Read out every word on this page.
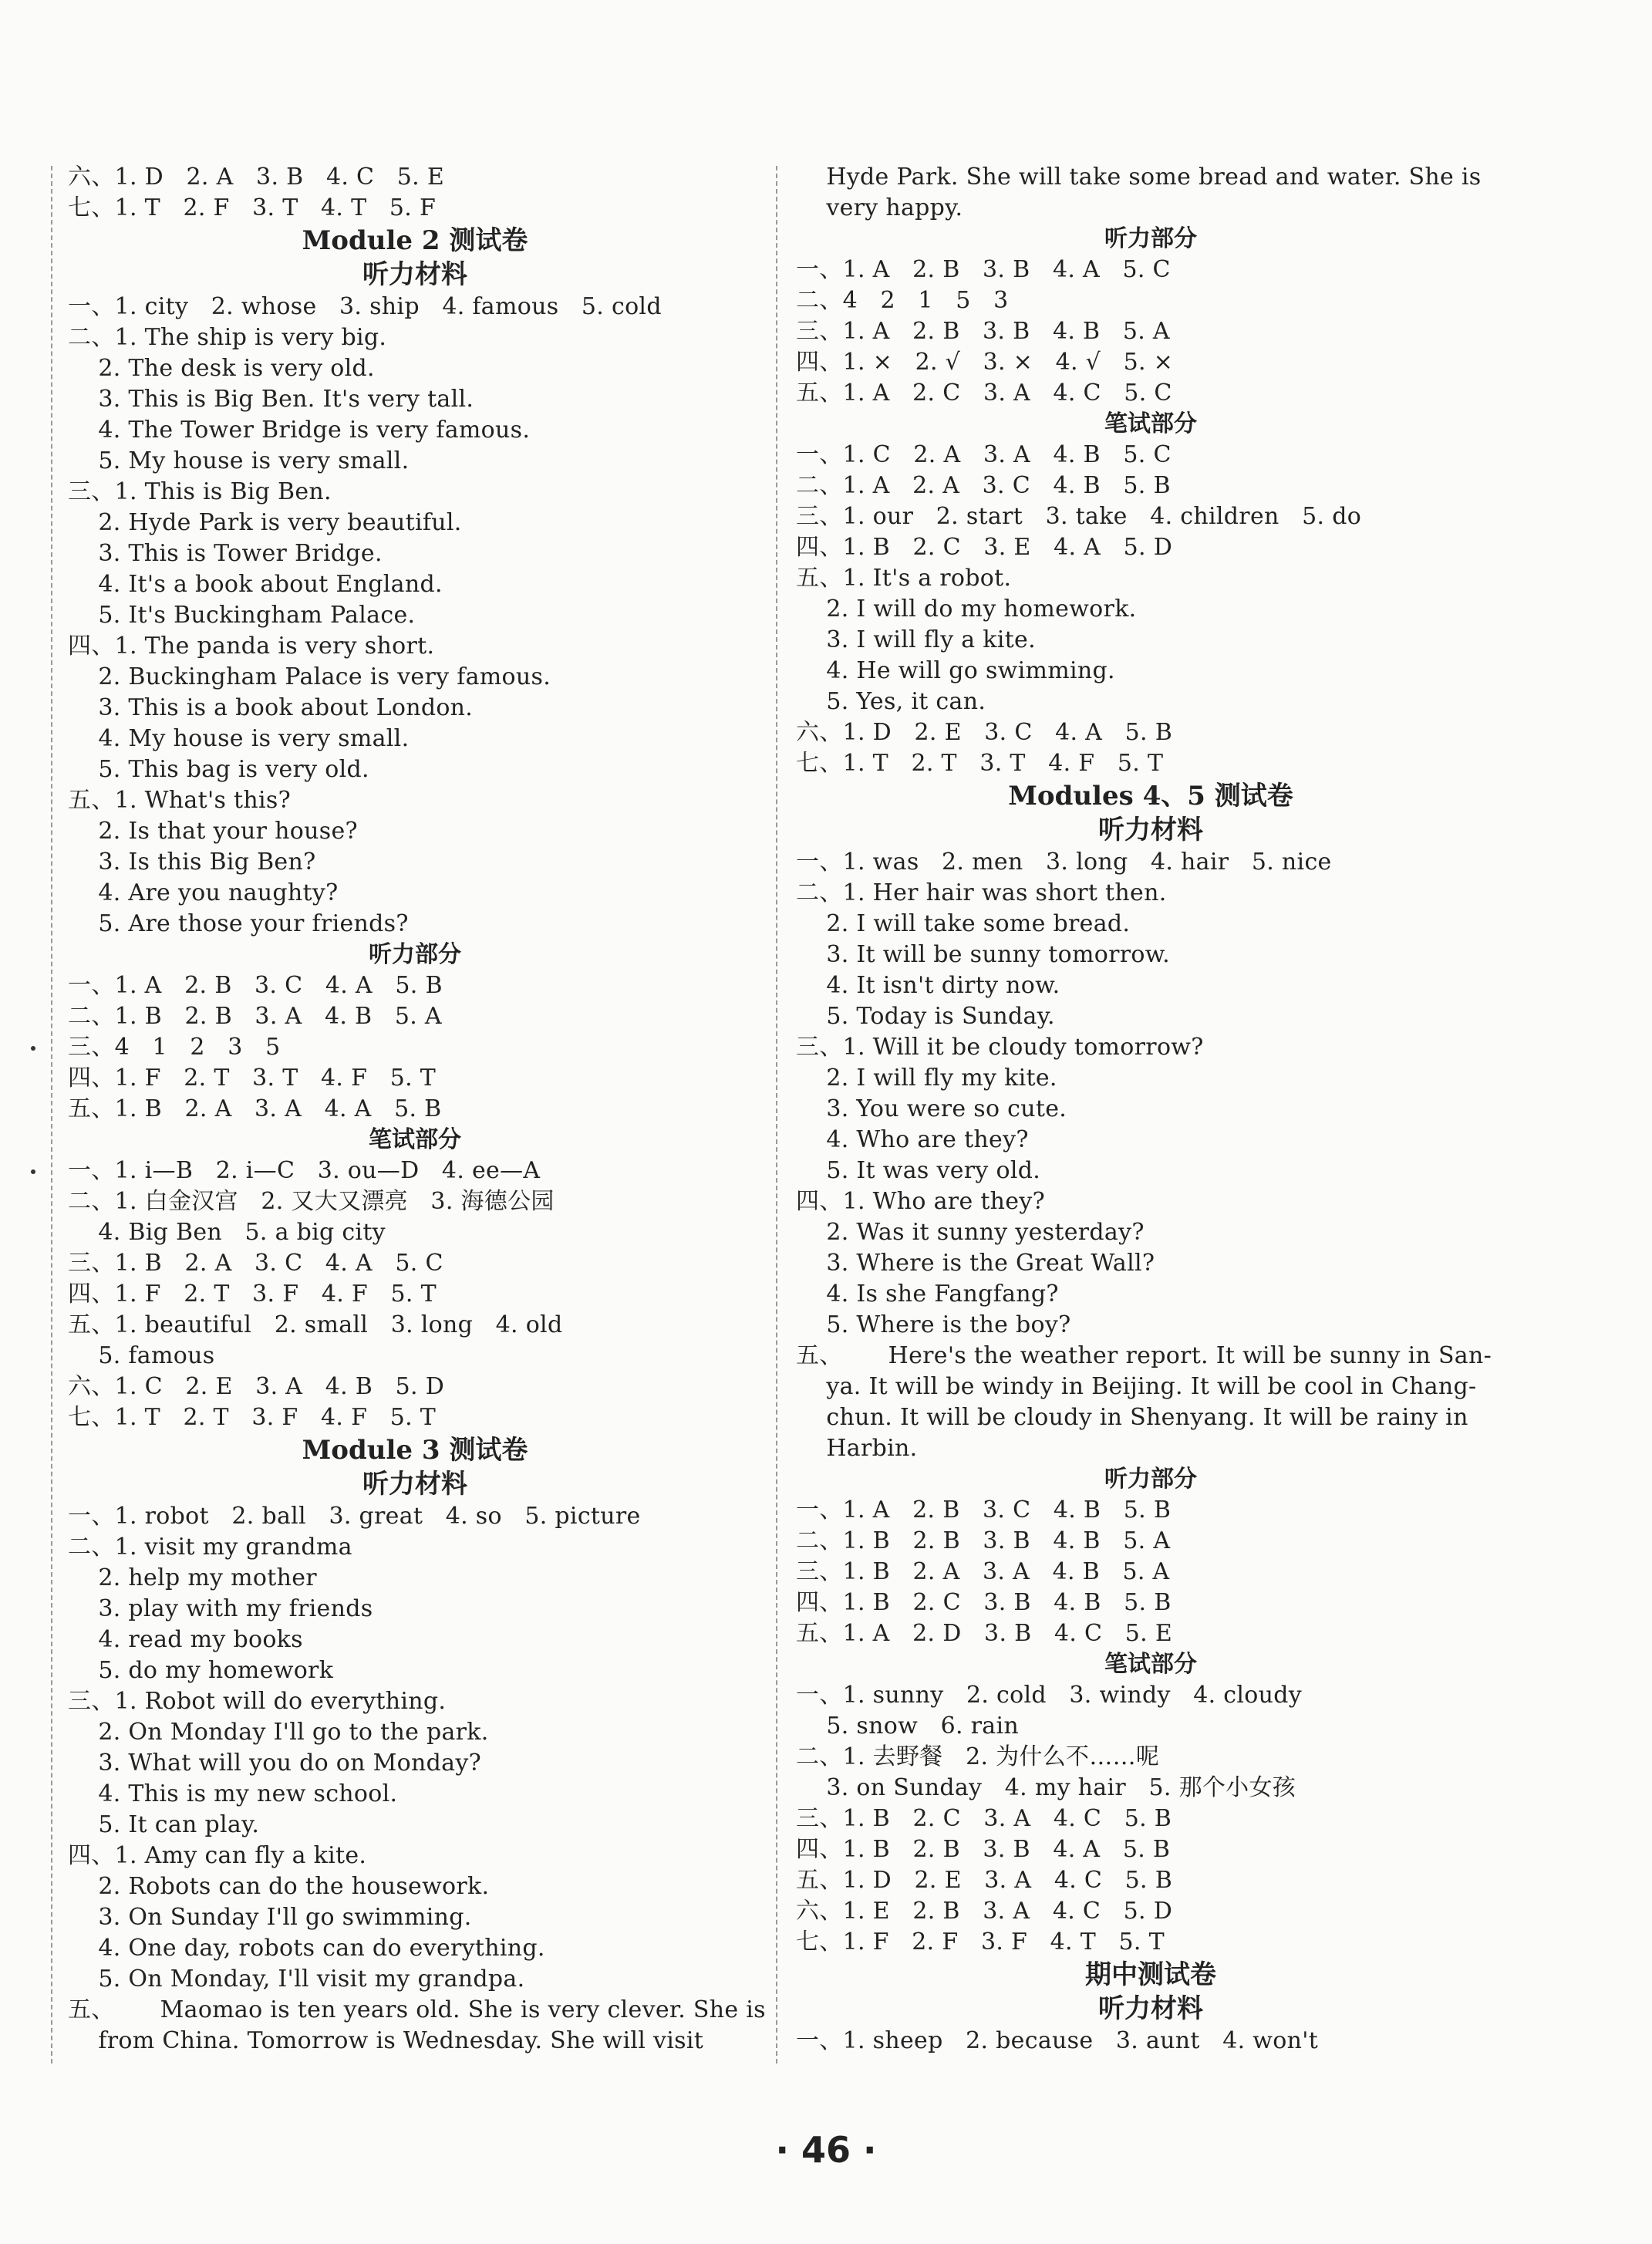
六、1. D   2. A   3. B   4. C   5. E
七、1. T   2. F   3. T   4. T   5. F
Module 2 测试卷
听力材料
一、1. city   2. whose   3. ship   4. famous   5. cold
二、1. The ship is very big.
2. The desk is very old.
3. This is Big Ben. It's very tall.
4. The Tower Bridge is very famous.
5. My house is very small.
三、1. This is Big Ben.
2. Hyde Park is very beautiful.
3. This is Tower Bridge.
4. It's a book about England.
5. It's Buckingham Palace.
四、1. The panda is very short.
2. Buckingham Palace is very famous.
3. This is a book about London.
4. My house is very small.
5. This bag is very old.
五、1. What's this?
2. Is that your house?
3. Is this Big Ben?
4. Are you naughty?
5. Are those your friends?
听力部分
一、1. A   2. B   3. C   4. A   5. B
二、1. B   2. B   3. A   4. B   5. A
三、4   1   2   3   5
四、1. F   2. T   3. T   4. F   5. T
五、1. B   2. A   3. A   4. A   5. B
笔试部分
一、1. i—B   2. i—C   3. ou—D   4. ee—A
二、1. 白金汉宫   2. 又大又漂亮   3. 海德公园
4. Big Ben   5. a big city
三、1. B   2. A   3. C   4. A   5. C
四、1. F   2. T   3. F   4. F   5. T
五、1. beautiful   2. small   3. long   4. old
5. famous
六、1. C   2. E   3. A   4. B   5. D
七、1. T   2. T   3. F   4. F   5. T
Module 3 测试卷
听力材料
一、1. robot   2. ball   3. great   4. so   5. picture
二、1. visit my grandma
2. help my mother
3. play with my friends
4. read my books
5. do my homework
三、1. Robot will do everything.
2. On Monday I'll go to the park.
3. What will you do on Monday?
4. This is my new school.
5. It can play.
四、1. Amy can fly a kite.
2. Robots can do the housework.
3. On Sunday I'll go swimming.
4. One day, robots can do everything.
5. On Monday, I'll visit my grandpa.
五、      Maomao is ten years old. She is very clever. She is
from China. Tomorrow is Wednesday. She will visit
Hyde Park. She will take some bread and water. She is
very happy.
听力部分
一、1. A   2. B   3. B   4. A   5. C
二、4   2   1   5   3
三、1. A   2. B   3. B   4. B   5. A
四、1. ×   2. √   3. ×   4. √   5. ×
五、1. A   2. C   3. A   4. C   5. C
笔试部分
一、1. C   2. A   3. A   4. B   5. C
二、1. A   2. A   3. C   4. B   5. B
三、1. our   2. start   3. take   4. children   5. do
四、1. B   2. C   3. E   4. A   5. D
五、1. It's a robot.
2. I will do my homework.
3. I will fly a kite.
4. He will go swimming.
5. Yes, it can.
六、1. D   2. E   3. C   4. A   5. B
七、1. T   2. T   3. T   4. F   5. T
Modules 4、5 测试卷
听力材料
一、1. was   2. men   3. long   4. hair   5. nice
二、1. Her hair was short then.
2. I will take some bread.
3. It will be sunny tomorrow.
4. It isn't dirty now.
5. Today is Sunday.
三、1. Will it be cloudy tomorrow?
2. I will fly my kite.
3. You were so cute.
4. Who are they?
5. It was very old.
四、1. Who are they?
2. Was it sunny yesterday?
3. Where is the Great Wall?
4. Is she Fangfang?
5. Where is the boy?
五、      Here's the weather report. It will be sunny in San-
ya. It will be windy in Beijing. It will be cool in Chang-
chun. It will be cloudy in Shenyang. It will be rainy in
Harbin.
听力部分
一、1. A   2. B   3. C   4. B   5. B
二、1. B   2. B   3. B   4. B   5. A
三、1. B   2. A   3. A   4. B   5. A
四、1. B   2. C   3. B   4. B   5. B
五、1. A   2. D   3. B   4. C   5. E
笔试部分
一、1. sunny   2. cold   3. windy   4. cloudy
5. snow   6. rain
二、1. 去野餐   2. 为什么不……呢
3. on Sunday   4. my hair   5. 那个小女孩
三、1. B   2. C   3. A   4. C   5. B
四、1. B   2. B   3. B   4. A   5. B
五、1. D   2. E   3. A   4. C   5. B
六、1. E   2. B   3. A   4. C   5. D
七、1. F   2. F   3. F   4. T   5. T
期中测试卷
听力材料
一、1. sheep   2. because   3. aunt   4. won't
· 46 ·
